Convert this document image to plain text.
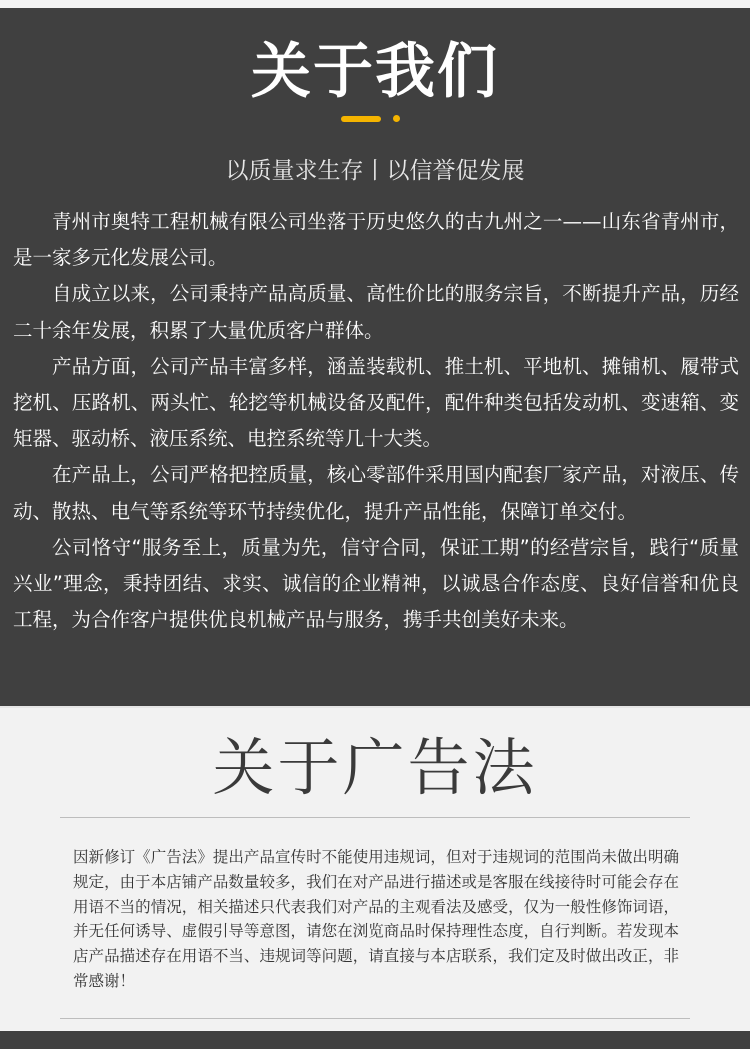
关于我们
以质量求生存丨以信誉促发展

青州市奥特工程机械有限公司坐落于历史悠久的古九州之一——山东省青州市，是一家多元化发展公司。

自成立以来，公司秉持产品高质量、高性价比的服务宗旨，不断提升产品，历经二十余年发展，积累了大量优质客户群体。

产品方面，公司产品丰富多样，涵盖装载机、推土机、平地机、摊铺机、履带式挖机、压路机、两头忙、轮挖等机械设备及配件，配件种类包括发动机、变速箱、变矩器、驱动桥、液压系统、电控系统等几十大类。

在产品上，公司严格把控质量，核心零部件采用国内配套厂家产品，对液压、传动、散热、电气等系统等环节持续优化，提升产品性能，保障订单交付。

公司恪守“服务至上，质量为先，信守合同，保证工期”的经营宗旨，践行“质量兴业”理念，秉持团结、求实、诚信的企业精神，以诚恳合作态度、良好信誉和优良工程，为合作客户提供优良机械产品与服务，携手共创美好未来。

关于广告法
因新修订《广告法》提出产品宣传时不能使用违规词，但对于违规词的范围尚未做出明确规定，由于本店铺产品数量较多，我们在对产品进行描述或是客服在线接待时可能会存在用语不当的情况，相关描述只代表我们对产品的主观看法及感受，仅为一般性修饰词语，并无任何诱导、虚假引导等意图，请您在浏览商品时保持理性态度，自行判断。若发现本店产品描述存在用语不当、违规词等问题，请直接与本店联系，我们定及时做出改正，非常感谢！
